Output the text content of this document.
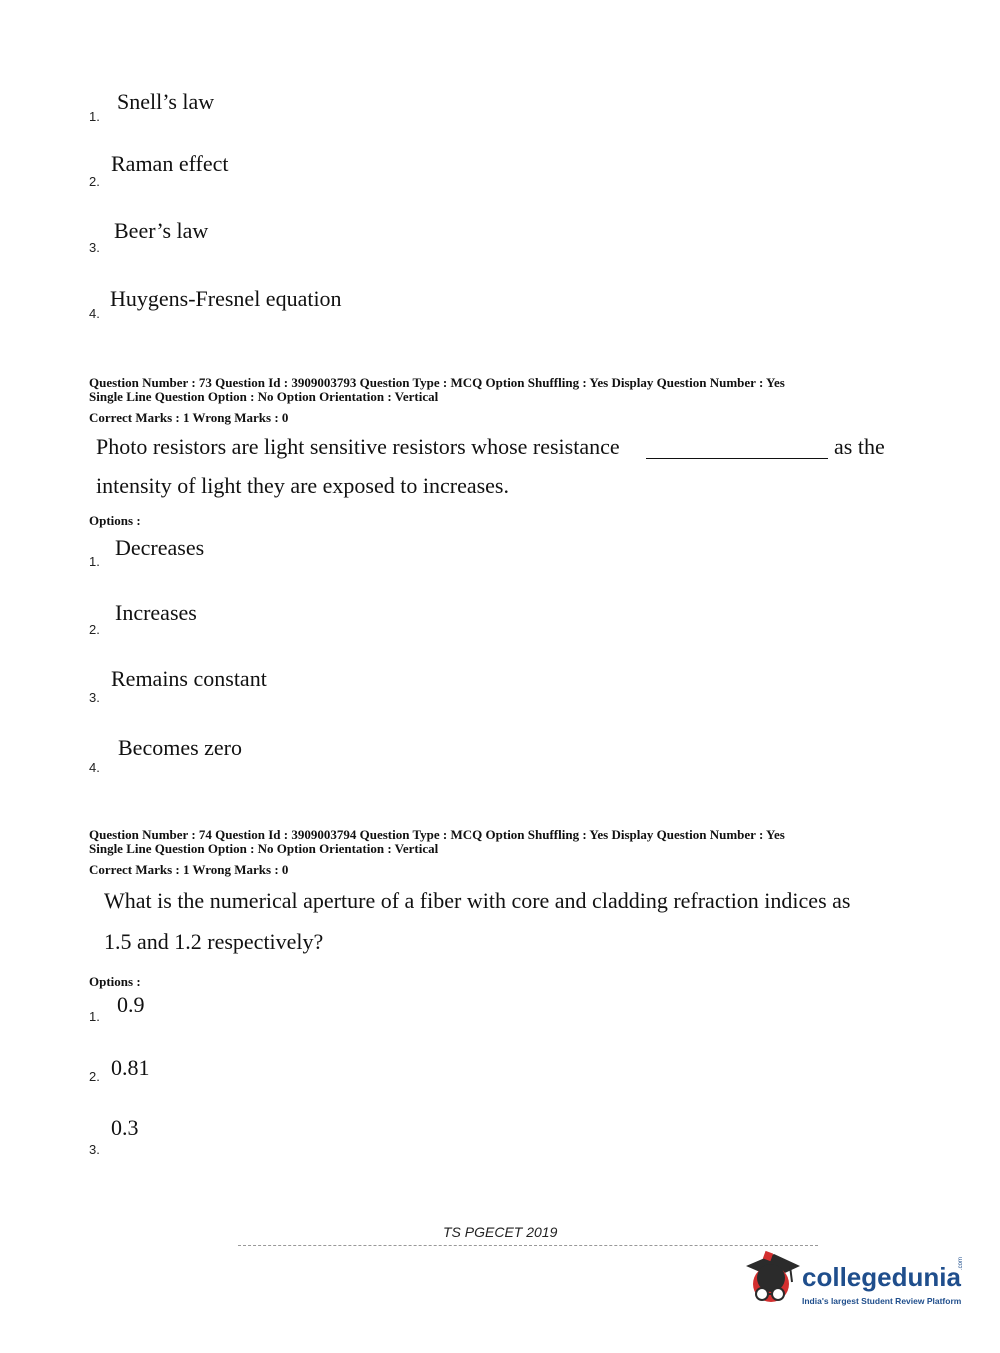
1.
Snell’s law
2.
Raman effect
3.
Beer’s law
4.
Huygens-Fresnel equation
Question Number : 73 Question Id : 3909003793 Question Type : MCQ Option Shuffling : Yes Display Question Number : Yes
Single Line Question Option : No Option Orientation : Vertical
Correct Marks : 1 Wrong Marks : 0
Photo resistors are light sensitive resistors whose resistance	as the
intensity of light they are exposed to increases.
Options :
1.
Decreases
2.
Increases
3.
Remains constant
4.
Becomes zero
Question Number : 74 Question Id : 3909003794 Question Type : MCQ Option Shuffling : Yes Display Question Number : Yes
Single Line Question Option : No Option Orientation : Vertical
Correct Marks : 1 Wrong Marks : 0
What is the numerical aperture of a fiber with core and cladding refraction indices as
1.5 and 1.2 respectively?
Options :
1. 0.9
2. 0.81
3.
0.3
TS PGECET 2019
collegedunia
.com
India's largest Student Review Platform
